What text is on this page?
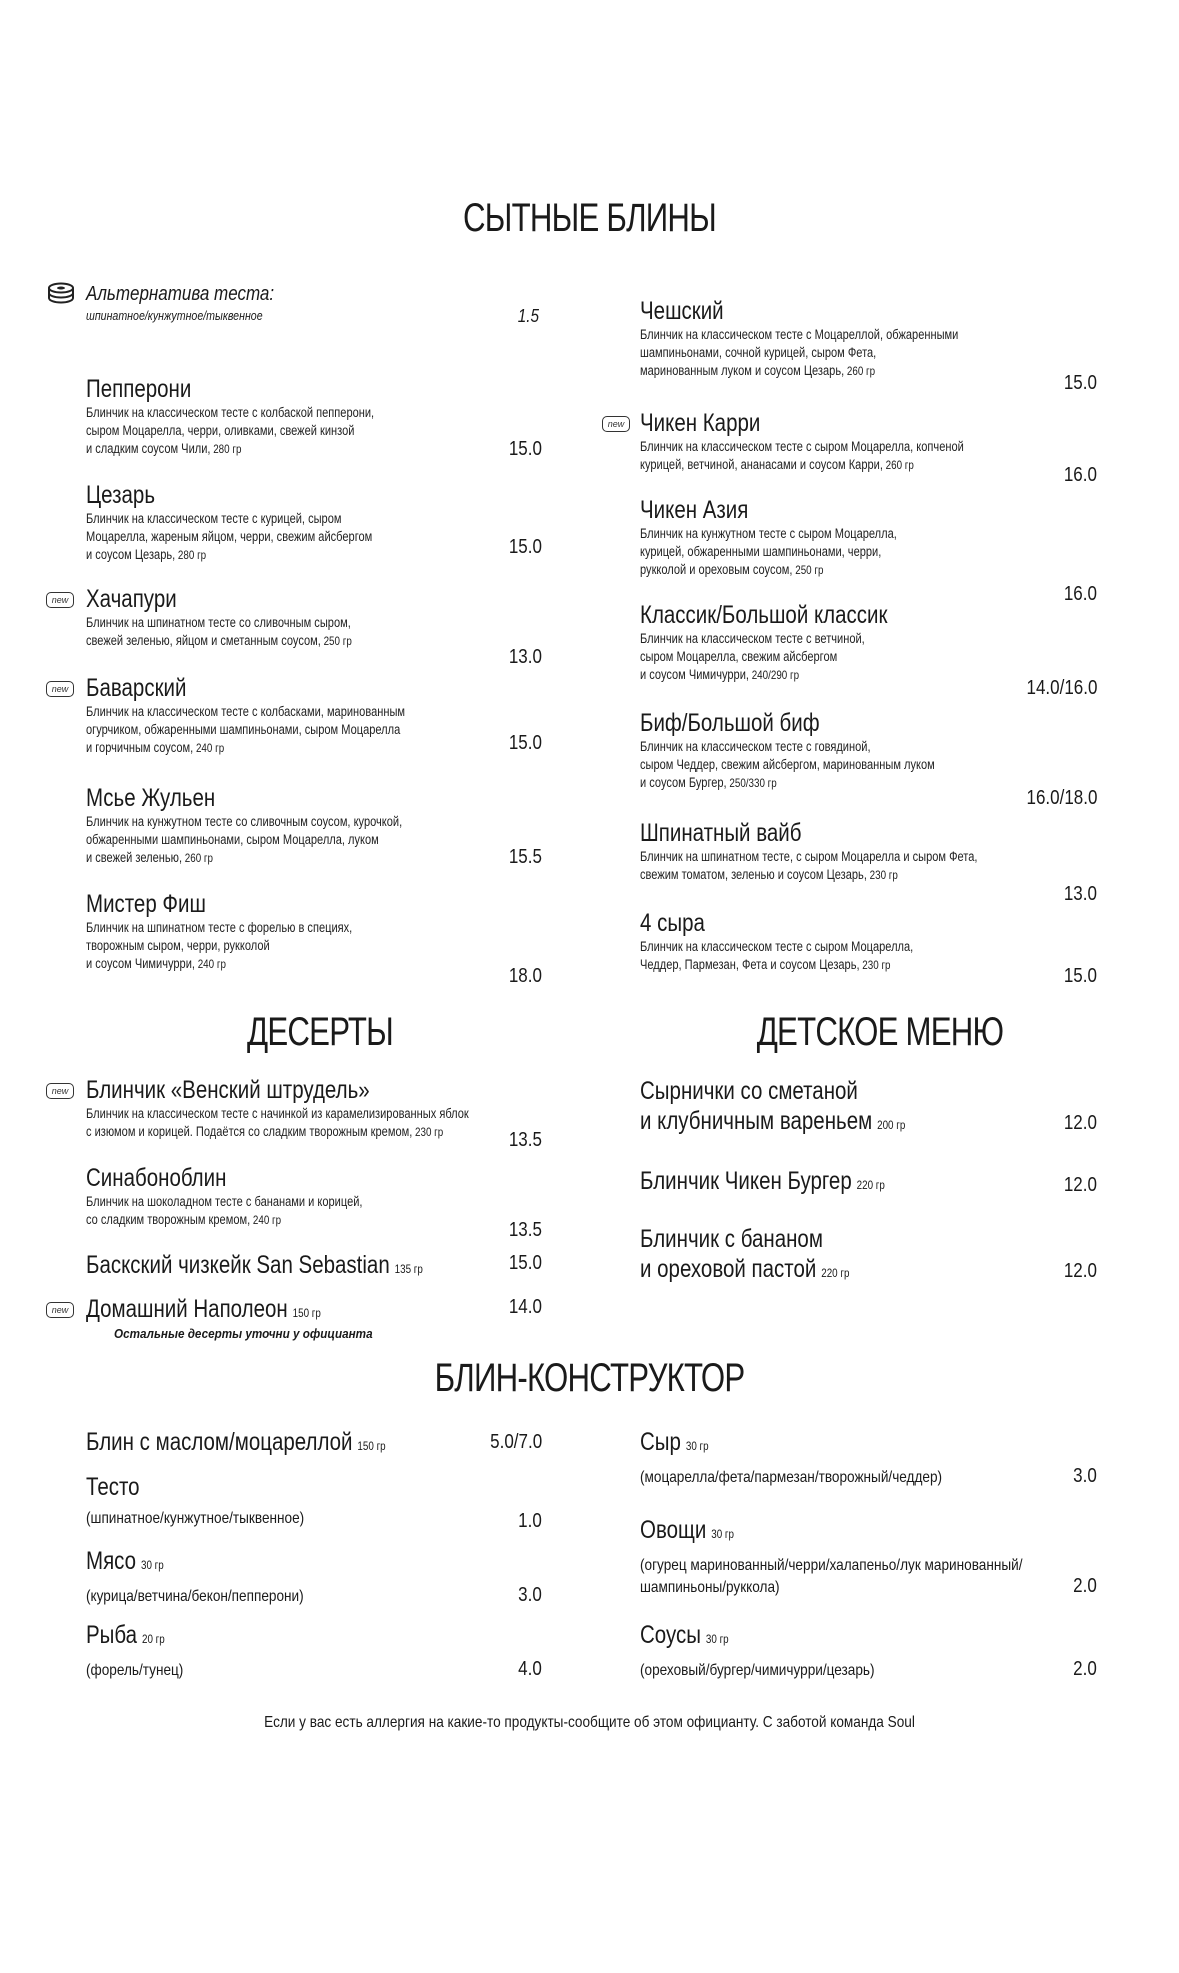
СЫТНЫЕ БЛИНЫ
ДЕСЕРТЫ	ДЕТСКОЕ МЕНЮ
БЛИН-КОНСТРУКТОР
Альтернатива теста:
шпинатное/кунжутное/тыквенное	1.5
Пепперони
Блинчик на классическом тесте с колбаской пепперони,
сыром Моцарелла, черри, оливками, свежей кинзой
и сладким соусом Чили, 280 гр	15.0
Цезарь
Блинчик на классическом тесте с курицей, сыром
Моцарелла, жареным яйцом, черри, свежим айсбергом
и соусом Цезарь, 280 гр	15.0
Хачапури
Блинчик на шпинатном тесте со сливочным сыром,
свежей зеленью, яйцом и сметанным соусом, 250 гр
13.0
new
Баварский
Блинчик на классическом тесте с колбасками, маринованным
огурчиком, обжаренными шампиньонами, сыром Моцарелла
и горчичным соусом, 240 гр	15.0
new
Мсье Жульен
Блинчик на кунжутном тесте со сливочным соусом, курочкой,
обжаренными шампиньонами, сыром Моцарелла, луком
и свежей зеленью, 260 гр	15.5
Мистер Фиш
Блинчик на шпинатном тесте с форелью в специях,
творожным сыром, черри, рукколой
и соусом Чимичурри, 240 гр
18.0
Чешский
Блинчик на классическом тесте с Моцареллой, обжаренными
шампиньонами, сочной курицей, сыром Фета,
маринованным луком и соусом Цезарь, 260 гр
15.0
Чикен Карри
Блинчик на классическом тесте с сыром Моцарелла, копченой
курицей, ветчиной, ананасами и соусом Карри, 260 гр	16.0
new
Чикен Азия
Блинчик на кунжутном тесте с сыром Моцарелла,
курицей, обжаренными шампиньонами, черри,
рукколой и ореховым соусом, 250 гр
16.0
Классик/Большой классик
Блинчик на классическом тесте с ветчиной,
сыром Моцарелла, свежим айсбергом
и соусом Чимичурри, 240/290 гр
14.0/16.0
Биф/Большой биф
Блинчик на классическом тесте с говядиной,
сыром Чеддер, свежим айсбергом, маринованным луком
и соусом Бургер, 250/330 гр
16.0/18.0
Шпинатный вайб
Блинчик на шпинатном тесте, с сыром Моцарелла и сыром Фета,
свежим томатом, зеленью и соусом Цезарь, 230 гр
13.0
4 сыра
Блинчик на классическом тесте с сыром Моцарелла,
Чеддер, Пармезан, Фета и соусом Цезарь, 230 гр	15.0
Блинчик «Венский штрудель»
Блинчик на классическом тесте с начинкой из карамелизированных яблок
с изюмом и корицей. Подаётся со сладким творожным кремом, 230 гр	13.5
new
Синабоноблин
Блинчик на шоколадном тесте с бананами и корицей,
со сладким творожным кремом, 240 гр	13.5
Баскский чизкейк San Sebastian 135 гр	15.0
Домашний Наполеон 150 гр	14.0
new
Остальные десерты уточни у официанта
Сырнички со сметаной
и клубничным вареньем 200 гр	12.0
Блинчик Чикен Бургер 220 гр	12.0
Блинчик с бананом
и ореховой пастой 220 гр	12.0
Блин с маслом/моцареллой 150 гр	5.0/7.0
Тесто
(шпинатное/кунжутное/тыквенное)	1.0
Мясо 30 гр
(курица/ветчина/бекон/пепперони)	3.0
Рыба 20 гр
(форель/тунец)	4.0
Сыр 30 гр
(моцарелла/фета/пармезан/творожный/чеддер)	3.0
Овощи 30 гр
(огурец маринованный/черри/халапеньо/лук маринованный/
шампиньоны/руккола)	2.0
Соусы 30 гр
(ореховый/бургер/чимичурри/цезарь)	2.0
Если у вас есть аллергия на какие-то продукты-сообщите об этом официанту. С заботой команда Soul
